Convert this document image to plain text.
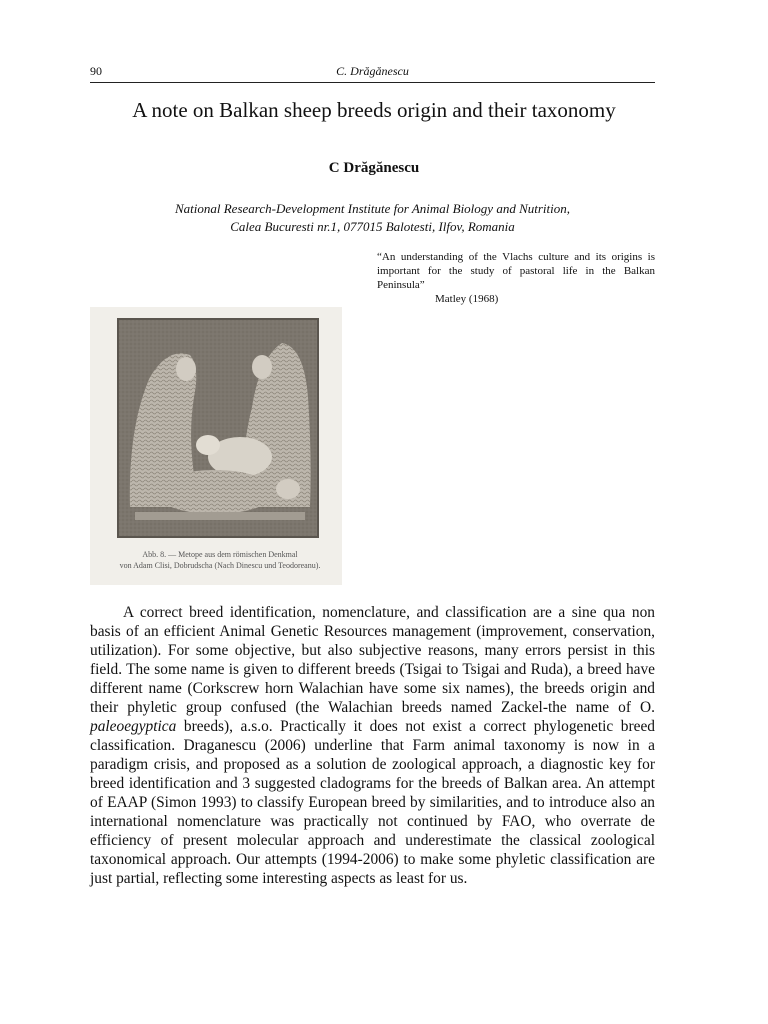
90	C. Drăgănescu
A note on Balkan sheep breeds origin and their taxonomy
C Drăgănescu
National Research-Development Institute for Animal Biology and Nutrition,
Calea Bucuresti nr.1, 077015 Balotesti, Ilfov, Romania
“An understanding of the Vlachs culture and its origins is important for the study of pastoral life in the Balkan Peninsula”
Matley (1968)
Abb. 8. — Metope aus dem römischen Denkmal
von Adam Clisi, Dobrudscha (Nach Dinescu und Teodoreanu).

A correct breed identification, nomenclature, and classification are a sine qua non basis of an efficient Animal Genetic Resources management (improvement, conservation, utilization). For some objective, but also subjective reasons, many errors persist in this field. The some name is given to different breeds (Tsigai to Tsigai and Ruda), a breed have different name (Corkscrew horn Walachian have some six names), the breeds origin and their phyletic group confused (the Walachian breeds named Zackel-the name of O. paleoegyptica breeds), a.s.o. Practically it does not exist a correct phylogenetic breed classification. Draganescu (2006) underline that Farm animal taxonomy is now in a paradigm crisis, and proposed as a solution de zoological approach, a diagnostic key for breed identification and 3 suggested cladograms for the breeds of Balkan area. An attempt of EAAP (Simon 1993) to classify European breed by similarities, and to introduce also an international nomenclature was practically not continued by FAO, who overrate de efficiency of present molecular approach and underestimate the classical zoological taxonomical approach. Our attempts (1994-2006) to make some phyletic classification are just partial, reflecting some interesting aspects as least for us.
